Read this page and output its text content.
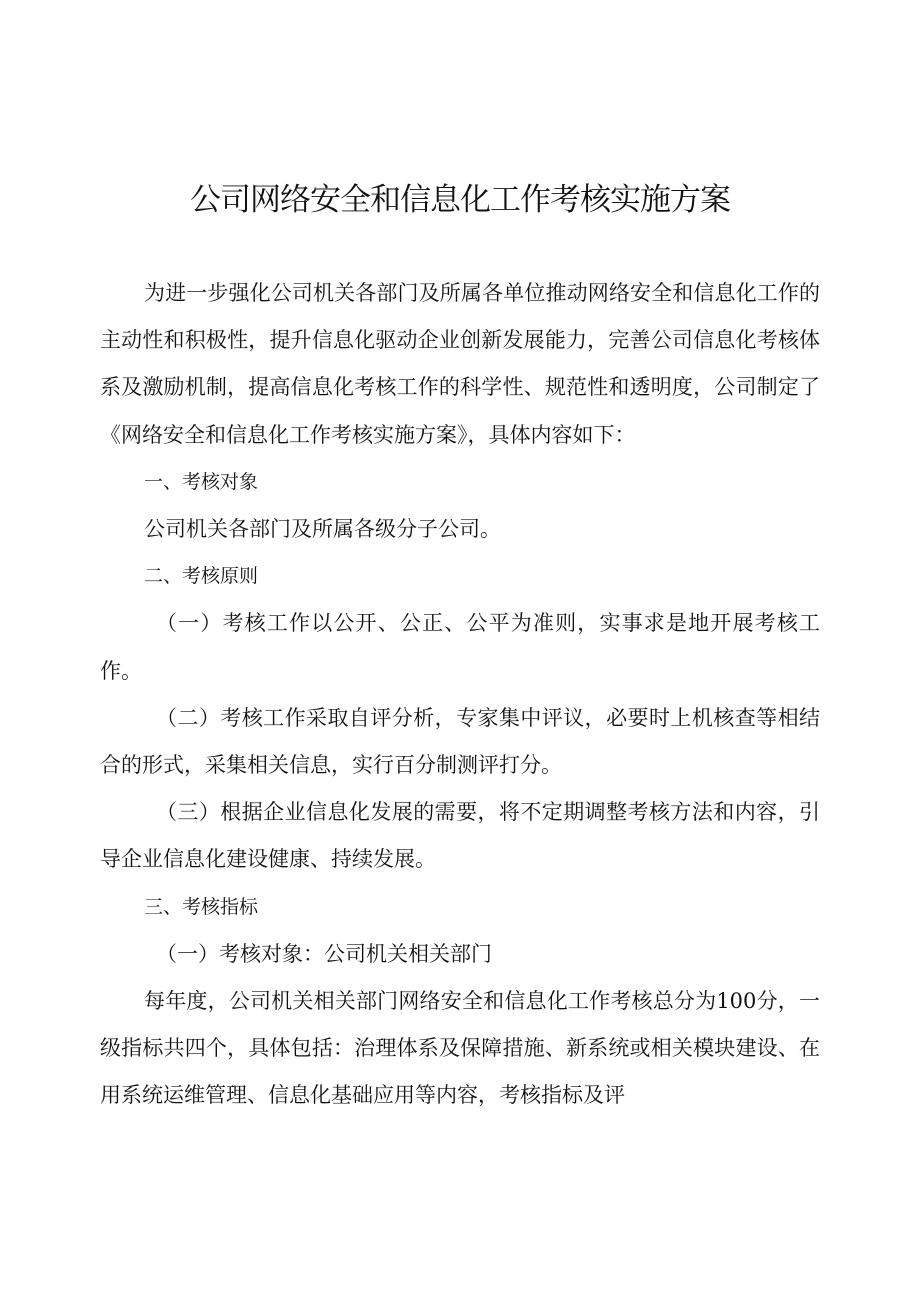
公司网络安全和信息化工作考核实施方案

为进一步强化公司机关各部门及所属各单位推动网络安全和信息化工作的主动性和积极性，提升信息化驱动企业创新发展能力，完善公司信息化考核体系及激励机制，提高信息化考核工作的科学性、规范性和透明度，公司制定了《网络安全和信息化工作考核实施方案》，具体内容如下：

一、考核对象

公司机关各部门及所属各级分子公司。

二、考核原则

（一）考核工作以公开、公正、公平为准则，实事求是地开展考核工作。

（二）考核工作采取自评分析，专家集中评议，必要时上机核查等相结合的形式，采集相关信息，实行百分制测评打分。

（三）根据企业信息化发展的需要，将不定期调整考核方法和内容，引导企业信息化建设健康、持续发展。

三、考核指标

（一）考核对象：公司机关相关部门

每年度，公司机关相关部门网络安全和信息化工作考核总分为100分，一级指标共四个，具体包括：治理体系及保障措施、新系统或相关模块建设、在用系统运维管理、信息化基础应用等内容，考核指标及评
